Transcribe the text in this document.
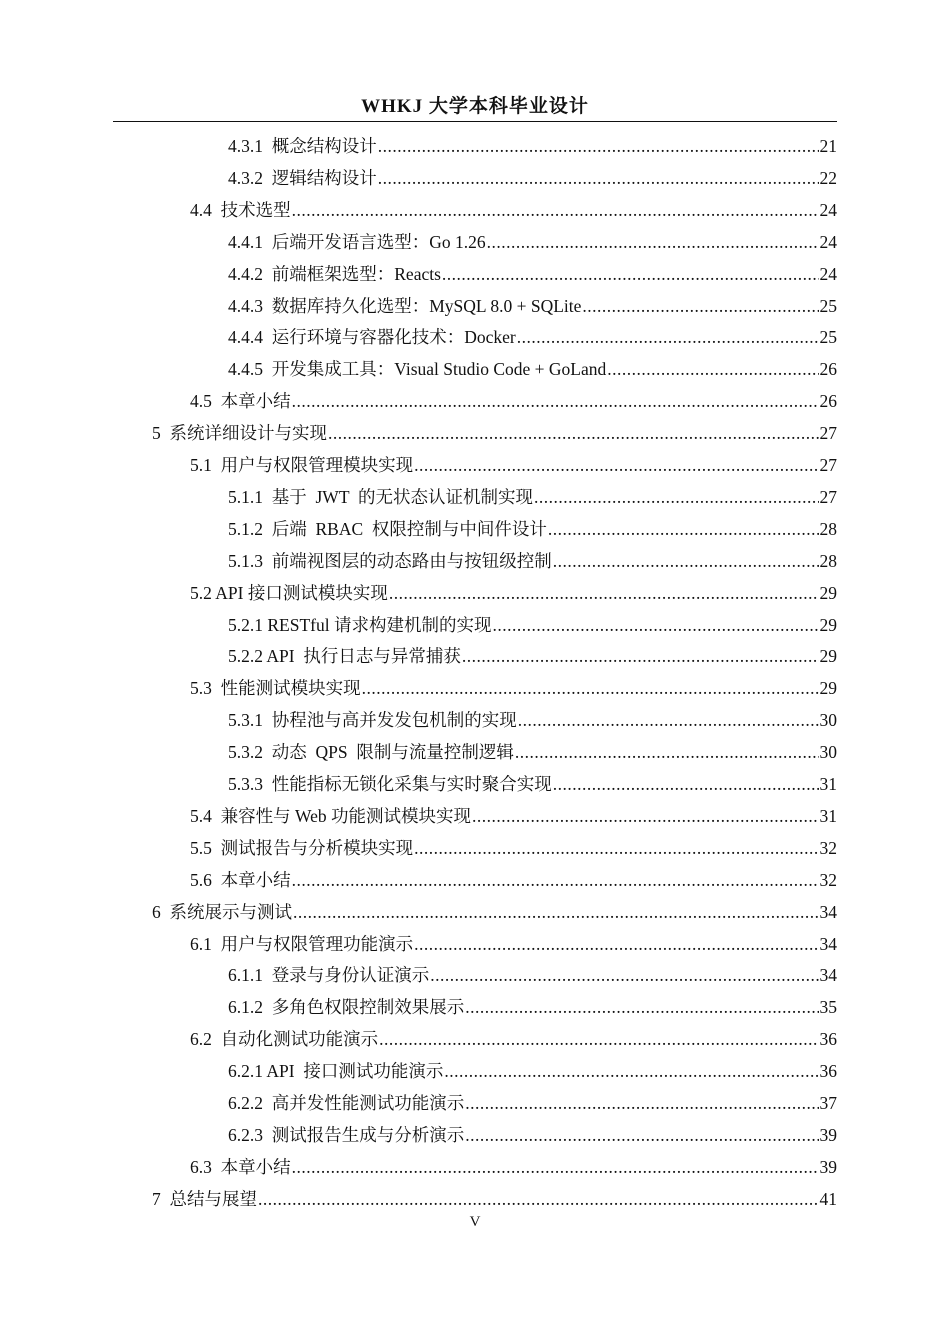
WHKJ 大学本科毕业设计
4.3.1  概念结构设计 .....	21
4.3.2  逻辑结构设计 .....	22
4.4  技术选型 .....	24
4.4.1  后端开发语言选型：Go 1.26 .....	24
4.4.2  前端框架选型：Reacts .....	24
4.4.3  数据库持久化选型：MySQL 8.0 + SQLite .....	25
4.4.4  运行环境与容器化技术：Docker .....	25
4.4.5  开发集成工具：Visual Studio Code + GoLand .....	26
4.5  本章小结 .....	26
5  系统详细设计与实现 .....	27
5.1  用户与权限管理模块实现 .....	27
5.1.1  基于  JWT  的无状态认证机制实现 .....	27
5.1.2  后端  RBAC  权限控制与中间件设计 .....	28
5.1.3  前端视图层的动态路由与按钮级控制 .....	28
5.2 API 接口测试模块实现 .....	29
5.2.1 RESTful 请求构建机制的实现 .....	29
5.2.2 API  执行日志与异常捕获 .....	29
5.3  性能测试模块实现 .....	29
5.3.1  协程池与高并发发包机制的实现 .....	30
5.3.2  动态  QPS  限制与流量控制逻辑 .....	30
5.3.3  性能指标无锁化采集与实时聚合实现 .....	31
5.4  兼容性与 Web 功能测试模块实现 .....	31
5.5  测试报告与分析模块实现 .....	32
5.6  本章小结 .....	32
6  系统展示与测试 .....	34
6.1  用户与权限管理功能演示 .....	34
6.1.1  登录与身份认证演示 .....	34
6.1.2  多角色权限控制效果展示 .....	35
6.2  自动化测试功能演示 .....	36
6.2.1 API  接口测试功能演示 .....	36
6.2.2  高并发性能测试功能演示 .....	37
6.2.3  测试报告生成与分析演示 .....	39
6.3  本章小结 .....	39
7  总结与展望 .....	41
V
